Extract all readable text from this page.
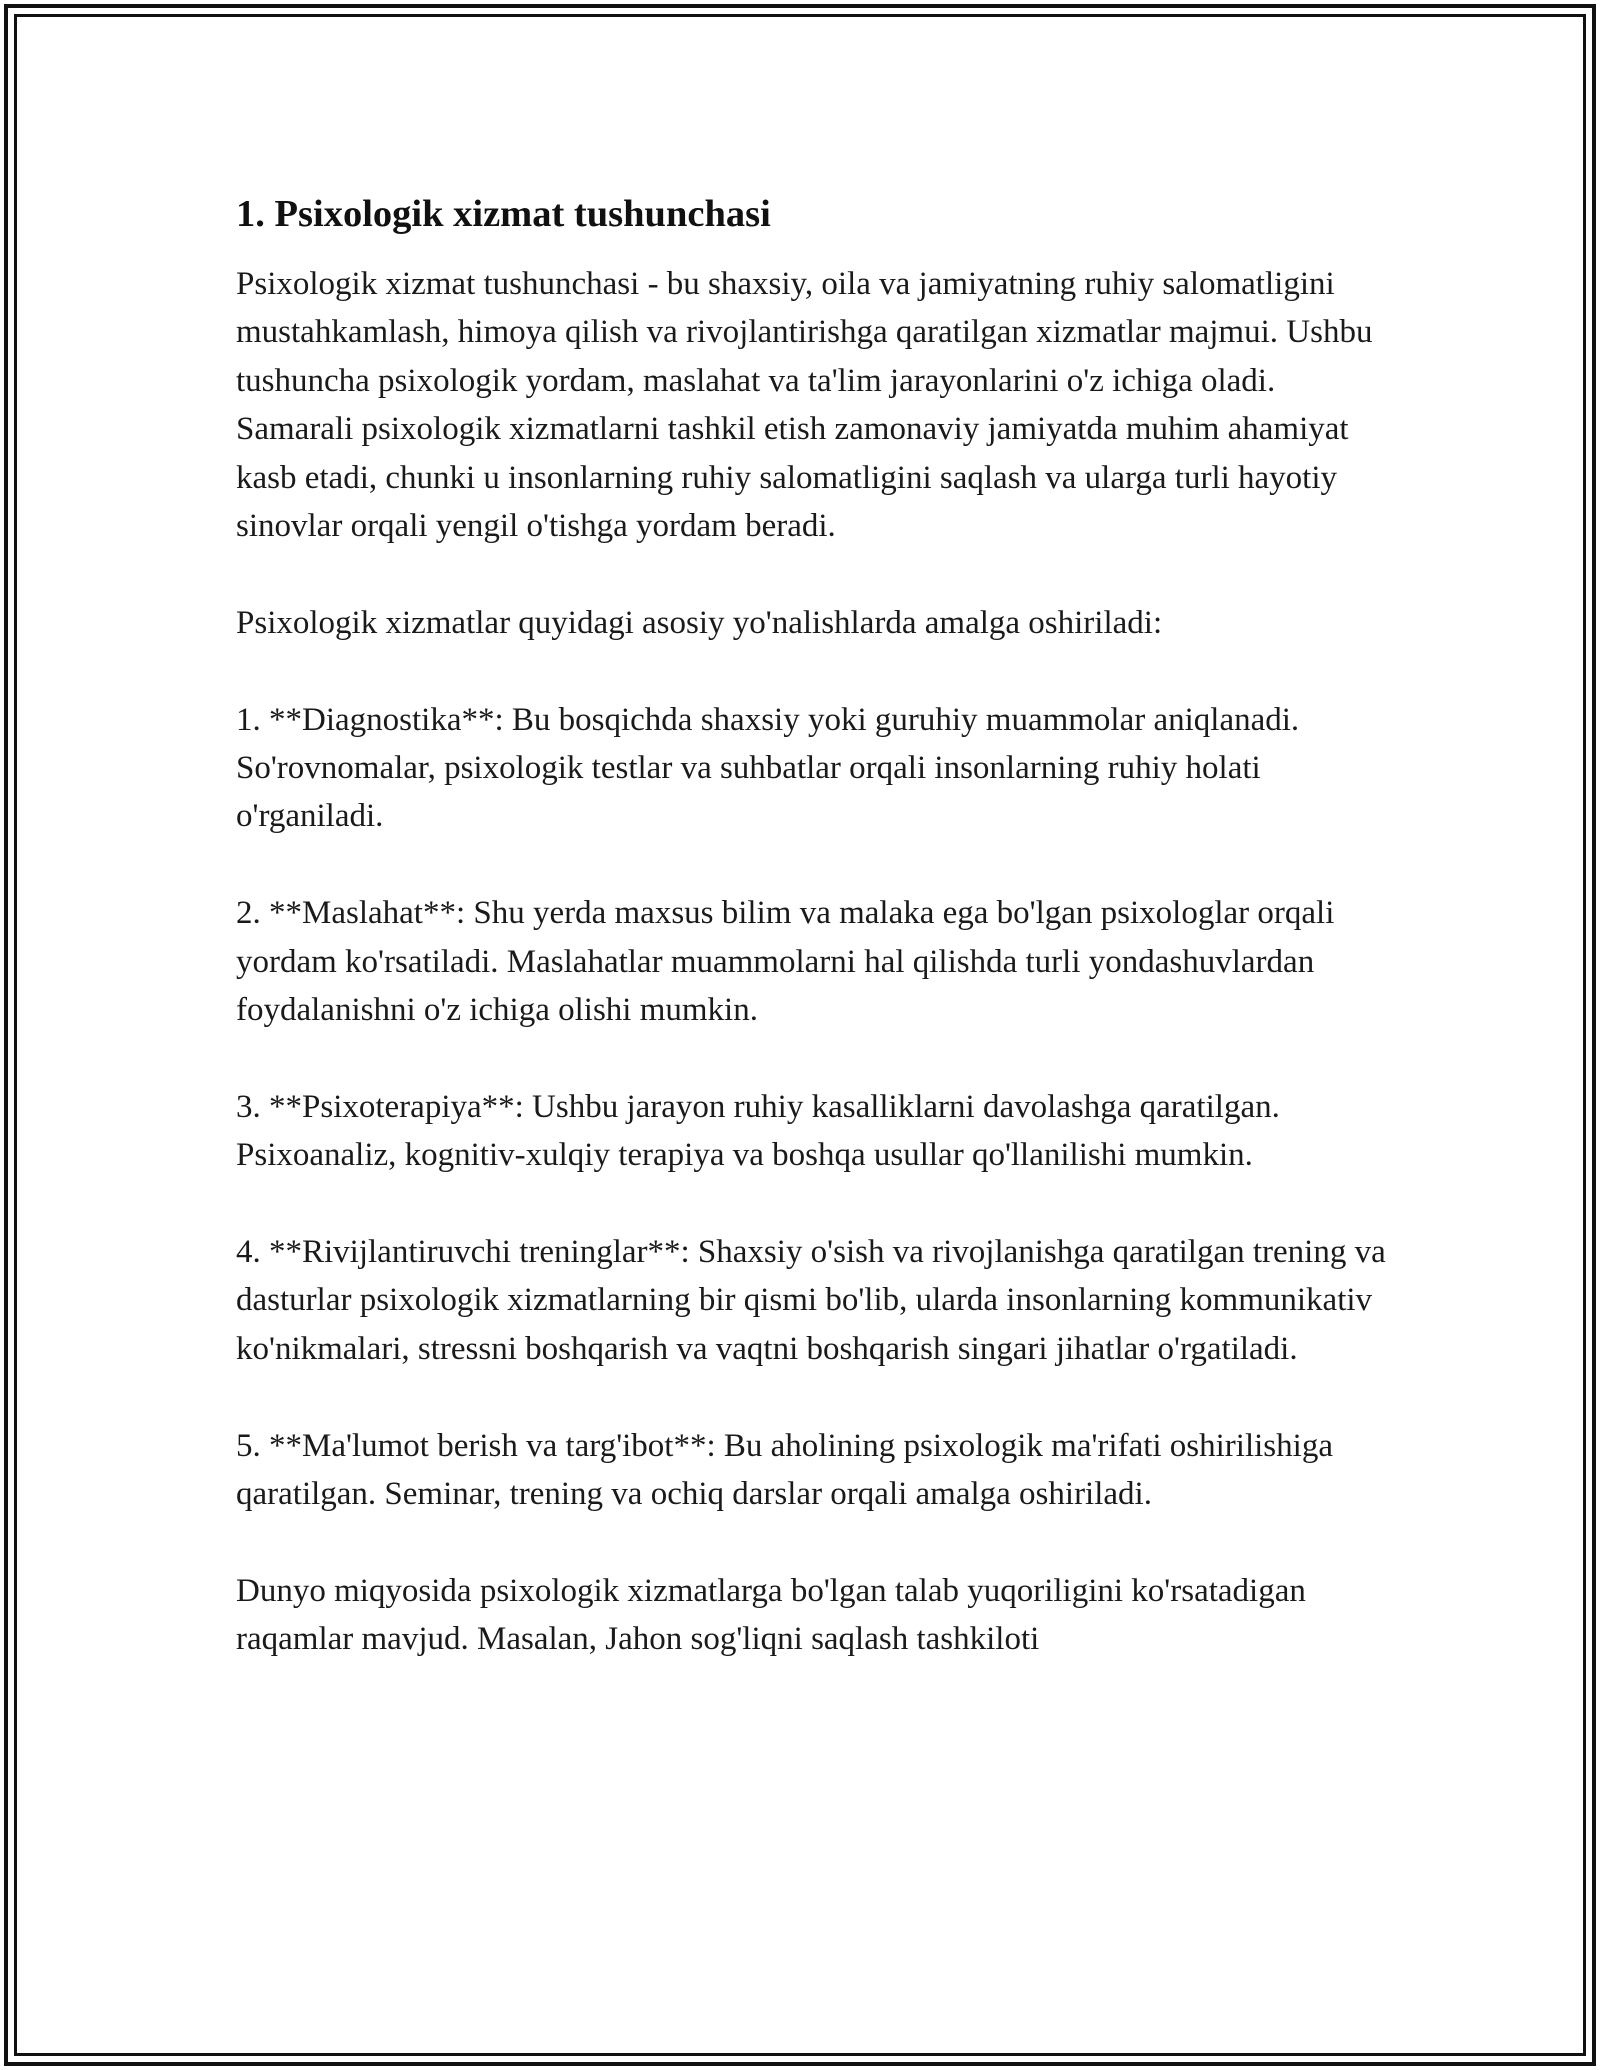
1. Psixologik xizmat tushunchasi

Psixologik xizmat tushunchasi - bu shaxsiy, oila va jamiyatning ruhiy salomatligini mustahkamlash, himoya qilish va rivojlantirishga qaratilgan xizmatlar majmui. Ushbu tushuncha psixologik yordam, maslahat va ta'lim jarayonlarini o'z ichiga oladi. Samarali psixologik xizmatlarni tashkil etish zamonaviy jamiyatda muhim ahamiyat kasb etadi, chunki u insonlarning ruhiy salomatligini saqlash va ularga turli hayotiy sinovlar orqali yengil o'tishga yordam beradi.

Psixologik xizmatlar quyidagi asosiy yo'nalishlarda amalga oshiriladi:

1. **Diagnostika**: Bu bosqichda shaxsiy yoki guruhiy muammolar aniqlanadi. So'rovnomalar, psixologik testlar va suhbatlar orqali insonlarning ruhiy holati o'rganiladi.

2. **Maslahat**: Shu yerda maxsus bilim va malaka ega bo'lgan psixologlar orqali yordam ko'rsatiladi. Maslahatlar muammolarni hal qilishda turli yondashuvlardan foydalanishni o'z ichiga olishi mumkin.

3. **Psixoterapiya**: Ushbu jarayon ruhiy kasalliklarni davolashga qaratilgan. Psixoanaliz, kognitiv-xulqiy terapiya va boshqa usullar qo'llanilishi mumkin.

4. **Rivijlantiruvchi treninglar**: Shaxsiy o'sish va rivojlanishga qaratilgan trening va dasturlar psixologik xizmatlarning bir qismi bo'lib, ularda insonlarning kommunikativ ko'nikmalari, stressni boshqarish va vaqtni boshqarish singari jihatlar o'rgatiladi.

5. **Ma'lumot berish va targ'ibot**: Bu aholining psixologik ma'rifati oshirilishiga qaratilgan. Seminar, trening va ochiq darslar orqali amalga oshiriladi.

Dunyo miqyosida psixologik xizmatlarga bo'lgan talab yuqoriligini ko'rsatadigan raqamlar mavjud. Masalan, Jahon sog'liqni saqlash tashkiloti
